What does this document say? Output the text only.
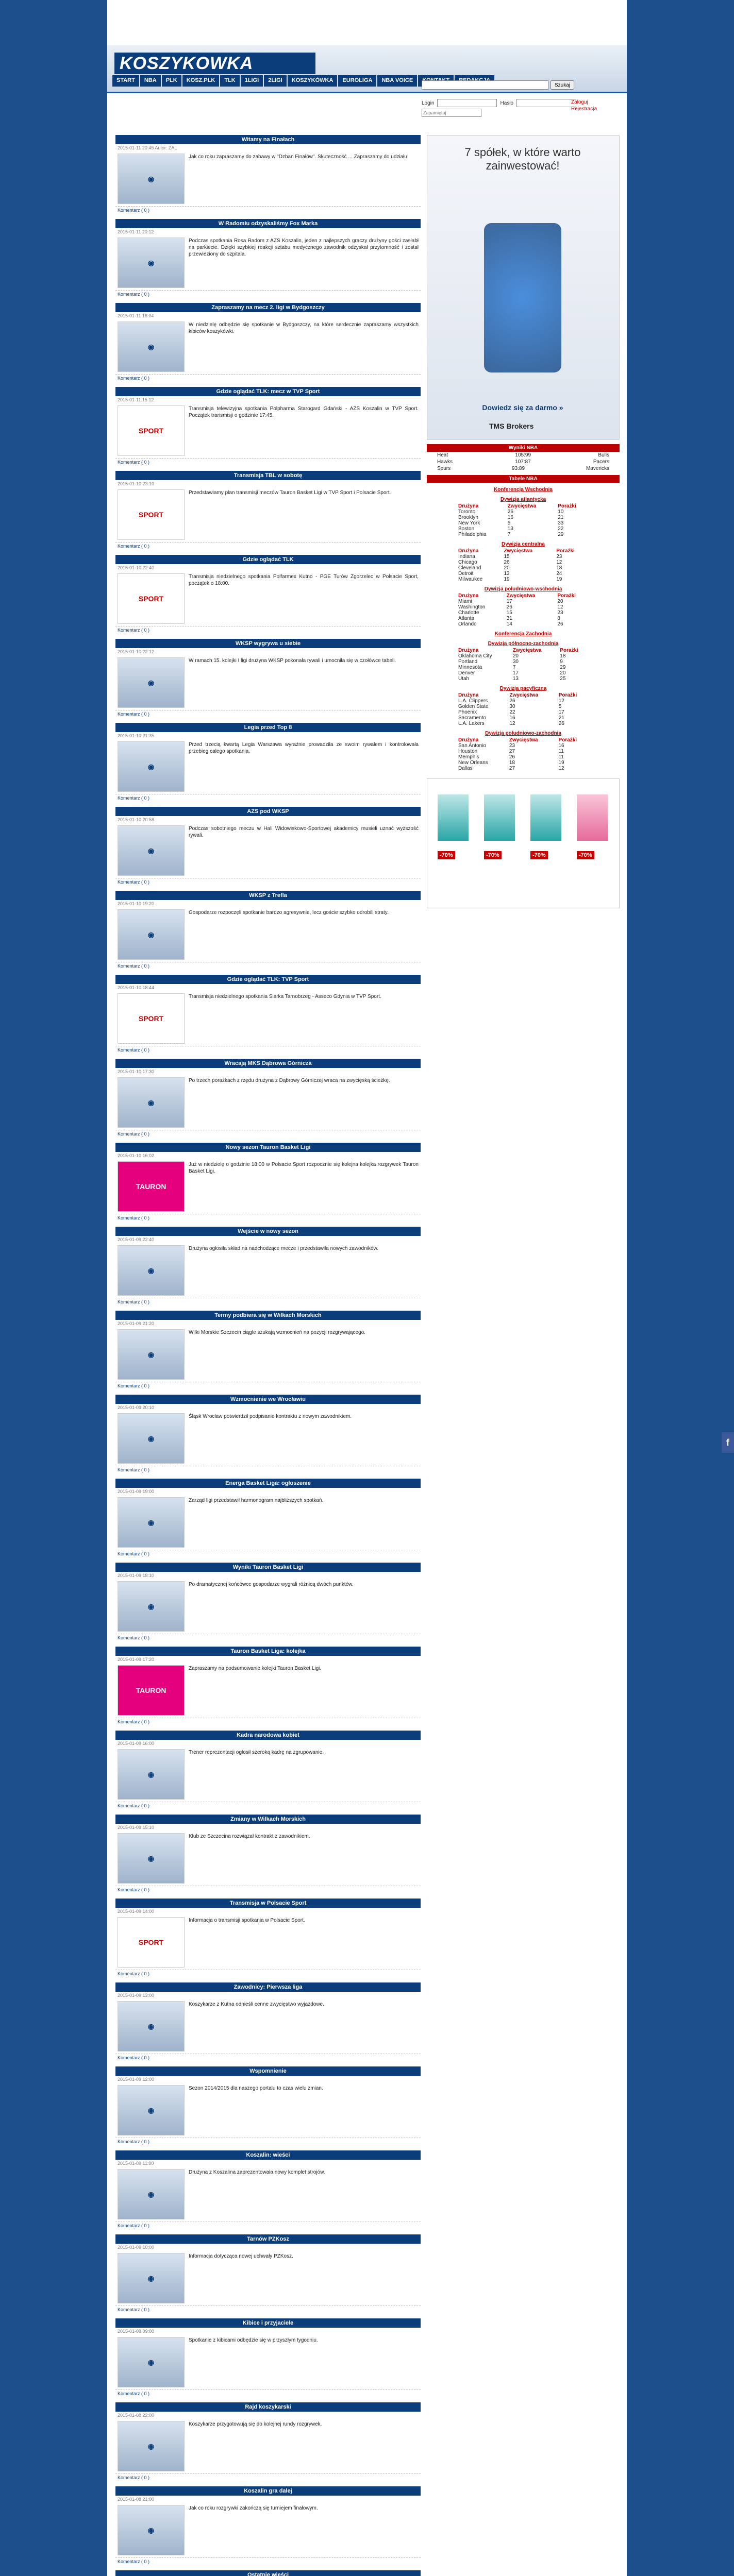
KOSZYKOWKA
Login	Hasło
Zapamiętaj	Zaloguj
Rejestracja
START	NBA	PLK	KOSZ.PLK	TLK	1LIGI	2LIGI	KOSZYKÓWKA	EUROLIGA	NBA VOICE
Szukaj
Witamy na Finałach
2015-01-11 20:45 Autor: ZAL
◉
Jak co roku zapraszamy do zabawy w "Dzban Finałów". Skuteczność ... Zapraszamy do udziału!
Komentarz ( 0 )
W Radomiu odzyskaliśmy Fox Marka
2015-01-11 20:12
◉
Podczas spotkania Rosa Radom z AZS Koszalin, jeden z najlepszych graczy drużyny gości zasłabł na parkiecie. Dzięki szybkiej reakcji sztabu medycznego zawodnik odzyskał przytomność i został przewieziony do szpitala.
Komentarz ( 0 )
Zapraszamy na mecz 2. ligi w Bydgoszczy
2015-01-11 16:04
◉
W niedzielę odbędzie się spotkanie w Bydgoszczy, na które serdecznie zapraszamy wszystkich kibiców koszykówki.
Komentarz ( 0 )
Gdzie oglądać TLK: mecz w TVP Sport
2015-01-11 15:12
SPORT
Transmisja telewizyjna spotkania Polpharma Starogard Gdański - AZS Koszalin w TVP Sport. Początek transmisji o godzinie 17:45.
Komentarz ( 0 )
Transmisja TBL w sobotę
2015-01-10 23:10
SPORT
Przedstawiamy plan transmisji meczów Tauron Basket Ligi w TVP Sport i Polsacie Sport.
Komentarz ( 0 )
Gdzie oglądać TLK
2015-01-10 22:40
SPORT
Transmisja niedzielnego spotkania Polfarmex Kutno - PGE Turów Zgorzelec w Polsacie Sport, początek o 18:00.
Komentarz ( 0 )
WKSP wygrywa u siebie
2015-01-10 22:12
◉
W ramach 15. kolejki I ligi drużyna WKSP pokonała rywali i umocniła się w czołówce tabeli.
Komentarz ( 0 )
Legia przed Top 8
2015-01-10 21:35
◉
Przed trzecią kwartą Legia Warszawa wyraźnie prowadziła ze swoim rywalem i kontrolowała przebieg całego spotkania.
Komentarz ( 0 )
AZS pod WKSP
2015-01-10 20:58
◉
Podczas sobotniego meczu w Hali Widowiskowo-Sportowej akademicy musieli uznać wyższość rywali.
Komentarz ( 0 )
WKSP z Trefla
2015-01-10 19:20
◉
Gospodarze rozpoczęli spotkanie bardzo agresywnie, lecz goście szybko odrobili straty.
Komentarz ( 0 )
Gdzie oglądać TLK: TVP Sport
2015-01-10 18:44
SPORT
Transmisja niedzielnego spotkania Siarka Tarnobrzeg - Asseco Gdynia w TVP Sport.
Komentarz ( 0 )
Wracają MKS Dąbrowa Górnicza
2015-01-10 17:30
◉
Po trzech porażkach z rzędu drużyna z Dąbrowy Górniczej wraca na zwycięską ścieżkę.
Komentarz ( 0 )
Nowy sezon Tauron Basket Ligi
2015-01-10 16:02
TAURON
Już w niedzielę o godzinie 18:00 w Polsacie Sport rozpocznie się kolejna kolejka rozgrywek Tauron Basket Ligi.
Komentarz ( 0 )
Wejście w nowy sezon
2015-01-09 22:40
◉
Drużyna ogłosiła skład na nadchodzące mecze i przedstawiła nowych zawodników.
Komentarz ( 0 )
Termy podbiera się w Wilkach Morskich
2015-01-09 21:20
◉
Wilki Morskie Szczecin ciągle szukają wzmocnień na pozycji rozgrywającego.
Komentarz ( 0 )
Wzmocnienie we Wrocławiu
2015-01-09 20:10
◉
Śląsk Wrocław potwierdził podpisanie kontraktu z nowym zawodnikiem.
Komentarz ( 0 )
Energa Basket Liga: ogłoszenie
2015-01-09 19:00
◉
Zarząd ligi przedstawił harmonogram najbliższych spotkań.
Komentarz ( 0 )
Wyniki Tauron Basket Ligi
2015-01-09 18:10
◉
Po dramatycznej końcówce gospodarze wygrali różnicą dwóch punktów.
Komentarz ( 0 )
Tauron Basket Liga: kolejka
2015-01-09 17:20
TAURON
Zapraszamy na podsumowanie kolejki Tauron Basket Ligi.
Komentarz ( 0 )
Kadra narodowa kobiet
2015-01-09 16:00
◉
Trener reprezentacji ogłosił szeroką kadrę na zgrupowanie.
Komentarz ( 0 )
Zmiany w Wilkach Morskich
2015-01-09 15:10
◉
Klub ze Szczecina rozwiązał kontrakt z zawodnikiem.
Komentarz ( 0 )
Transmisja w Polsacie Sport
2015-01-09 14:00
SPORT
Informacja o transmisji spotkania w Polsacie Sport.
Komentarz ( 0 )
Zawodnicy: Pierwsza liga
2015-01-09 13:00
◉
Koszykarze z Kutna odnieśli cenne zwycięstwo wyjazdowe.
Komentarz ( 0 )
Wspomnienie
2015-01-09 12:00
◉
Sezon 2014/2015 dla naszego portalu to czas wielu zmian.
Komentarz ( 0 )
Koszalin: wieści
2015-01-09 11:00
◉
Drużyna z Koszalina zaprezentowała nowy komplet strojów.
Komentarz ( 0 )
Tarnów PZKosz
2015-01-09 10:00
◉
Informacja dotycząca nowej uchwały PZKosz.
Komentarz ( 0 )
Kibice i przyjaciele
2015-01-09 09:00
◉
Spotkanie z kibicami odbędzie się w przyszłym tygodniu.
Komentarz ( 0 )
Rajd koszykarski
2015-01-08 22:00
◉
Koszykarze przygotowują się do kolejnej rundy rozgrywek.
Komentarz ( 0 )
Koszalin gra dalej
2015-01-08 21:00
◉
Jak co roku rozgrywki zakończą się turniejem finałowym.
Komentarz ( 0 )
Ostatnie wieści
7 spółek, w które warto zainwestować!
Dowiedz się za darmo »
TMS Brokers
Wyniki NBA
Heat	105:99	Bulls
Hawks	107:87	Pacers
Spurs	93:89	Mavericks
Tabele NBA
Konferencja Wschodnia
Dywizja atlantycka
Drużyna	Zwycięstwa	Porażki
Toronto	26	10
Brooklyn	16	21
New York	5	33
Boston	13	22
Philadelphia	7	29
Dywizja centralna
Drużyna	Zwycięstwa	Porażki
Indiana	15	23
Chicago	26	12
Cleveland	20	18
Detroit	13	24
Milwaukee	19	19
Dywizja południowo-wschodnia
Drużyna	Zwycięstwa	Porażki
Miami	17	20
Washington	26	12
Charlotte	15	23
Atlanta	31	8
Orlando	14	26
Konferencja Zachodnia
Dywizja północno-zachodnia
Drużyna	Zwycięstwa	Porażki
Oklahoma City	20	18
Portland	30	9
Minnesota	7	29
Denver	17	20
Utah	13	25
Dywizja pacyficzna
Drużyna	Zwycięstwa	Porażki
L.A. Clippers	26	12
Golden State	30	5
Phoenix	22	17
Sacramento	16	21
L.A. Lakers	12	26
Dywizja południowo-zachodnia
Drużyna	Zwycięstwa	Porażki
San Antonio	23	16
Houston	27	11
Memphis	26	11
New Orleans	18	19
Dallas	27	12
-70%	-70%	-70%	-70%
f
